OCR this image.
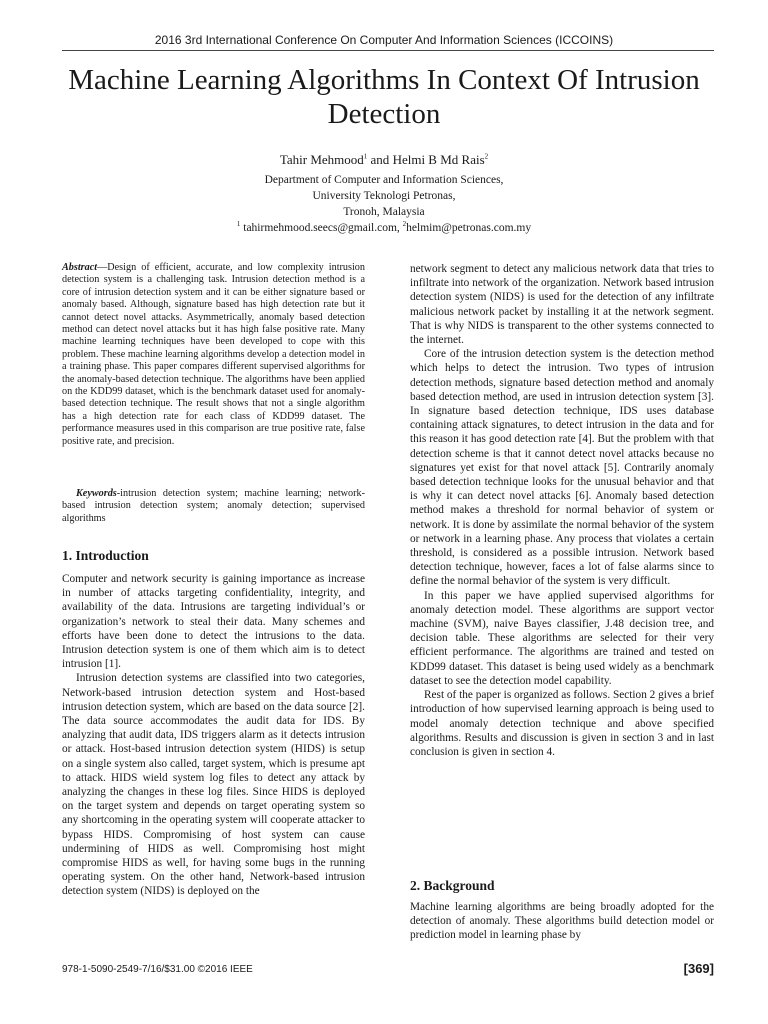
2016 3rd International Conference On Computer And Information Sciences (ICCOINS)
Machine Learning Algorithms In Context Of Intrusion Detection
Tahir Mehmood$^1$ and Helmi B Md Rais$^2$
Department of Computer and Information Sciences,
University Teknologi Petronas,
Tronoh, Malaysia
$^1$ tahirmehmood.seecs@gmail.com, $^2$helmim@petronas.com.my
Abstract—Design of efficient, accurate, and low complexity intrusion detection system is a challenging task. Intrusion detection method is a core of intrusion detection system and it can be either signature based or anomaly based. Although, signature based has high detection rate but it cannot detect novel attacks. Asymmetrically, anomaly based detection method can detect novel attacks but it has high false positive rate. Many machine learning techniques have been developed to cope with this problem. These machine learning algorithms develop a detection model in a training phase. This paper compares different supervised algorithms for the anomaly-based detection technique. The algorithms have been applied on the KDD99 dataset, which is the benchmark dataset used for anomaly-based detection technique. The result shows that not a single algorithm has a high detection rate for each class of KDD99 dataset. The performance measures used in this comparison are true positive rate, false positive rate, and precision.
Keywords-intrusion detection system; machine learning; network-based intrusion detection system; anomaly detection; supervised algorithms
1. Introduction

Computer and network security is gaining importance as increase in number of attacks targeting confidentiality, integrity, and availability of the data. Intrusions are targeting individual’s or organization’s network to steal their data. Many schemes and efforts have been done to detect the intrusions to the data. Intrusion detection system is one of them which aim is to detect intrusion [1].

Intrusion detection systems are classified into two categories, Network-based intrusion detection system and Host-based intrusion detection system, which are based on the data source [2]. The data source accommodates the audit data for IDS. By analyzing that audit data, IDS triggers alarm as it detects intrusion or attack. Host-based intrusion detection system (HIDS) is setup on a single system also called, target system, which is presume apt to attack. HIDS wield system log files to detect any attack by analyzing the changes in these log files. Since HIDS is deployed on the target system and depends on target operating system so any shortcoming in the operating system will cooperate attacker to bypass HIDS. Compromising of host system can cause undermining of HIDS as well. Compromising host might compromise HIDS as well, for having some bugs in the running operating system. On the other hand, Network-based intrusion detection system (NIDS) is deployed on the

network segment to detect any malicious network data that tries to infiltrate into network of the organization. Network based intrusion detection system (NIDS) is used for the detection of any infiltrate malicious network packet by installing it at the network segment. That is why NIDS is transparent to the other systems connected to the internet.

Core of the intrusion detection system is the detection method which helps to detect the intrusion. Two types of intrusion detection methods, signature based detection method and anomaly based detection method, are used in intrusion detection system [3]. In signature based detection technique, IDS uses database containing attack signatures, to detect intrusion in the data and for this reason it has good detection rate [4]. But the problem with that detection scheme is that it cannot detect novel attacks because no signatures yet exist for that novel attack [5]. Contrarily anomaly based detection technique looks for the unusual behavior and that is why it can detect novel attacks [6]. Anomaly based detection method makes a threshold for normal behavior of system or network. It is done by assimilate the normal behavior of the system or network in a learning phase. Any process that violates a certain threshold, is considered as a possible intrusion. Network based detection technique, however, faces a lot of false alarms since to define the normal behavior of the system is very difficult.

In this paper we have applied supervised algorithms for anomaly detection model. These algorithms are support vector machine (SVM), naive Bayes classifier, J.48 decision tree, and decision table. These algorithms are selected for their very efficient performance. The algorithms are trained and tested on KDD99 dataset. This dataset is being used widely as a benchmark dataset to see the detection model capability.

Rest of the paper is organized as follows. Section 2 gives a brief introduction of how supervised learning approach is being used to model anomaly detection technique and above specified algorithms. Results and discussion is given in section 3 and in last conclusion is given in section 4.

2. Background

Machine learning algorithms are being broadly adopted for the detection of anomaly. These algorithms build detection model or prediction model in learning phase by

978-1-5090-2549-7/16/$31.00 ©2016 IEEE	[369]
